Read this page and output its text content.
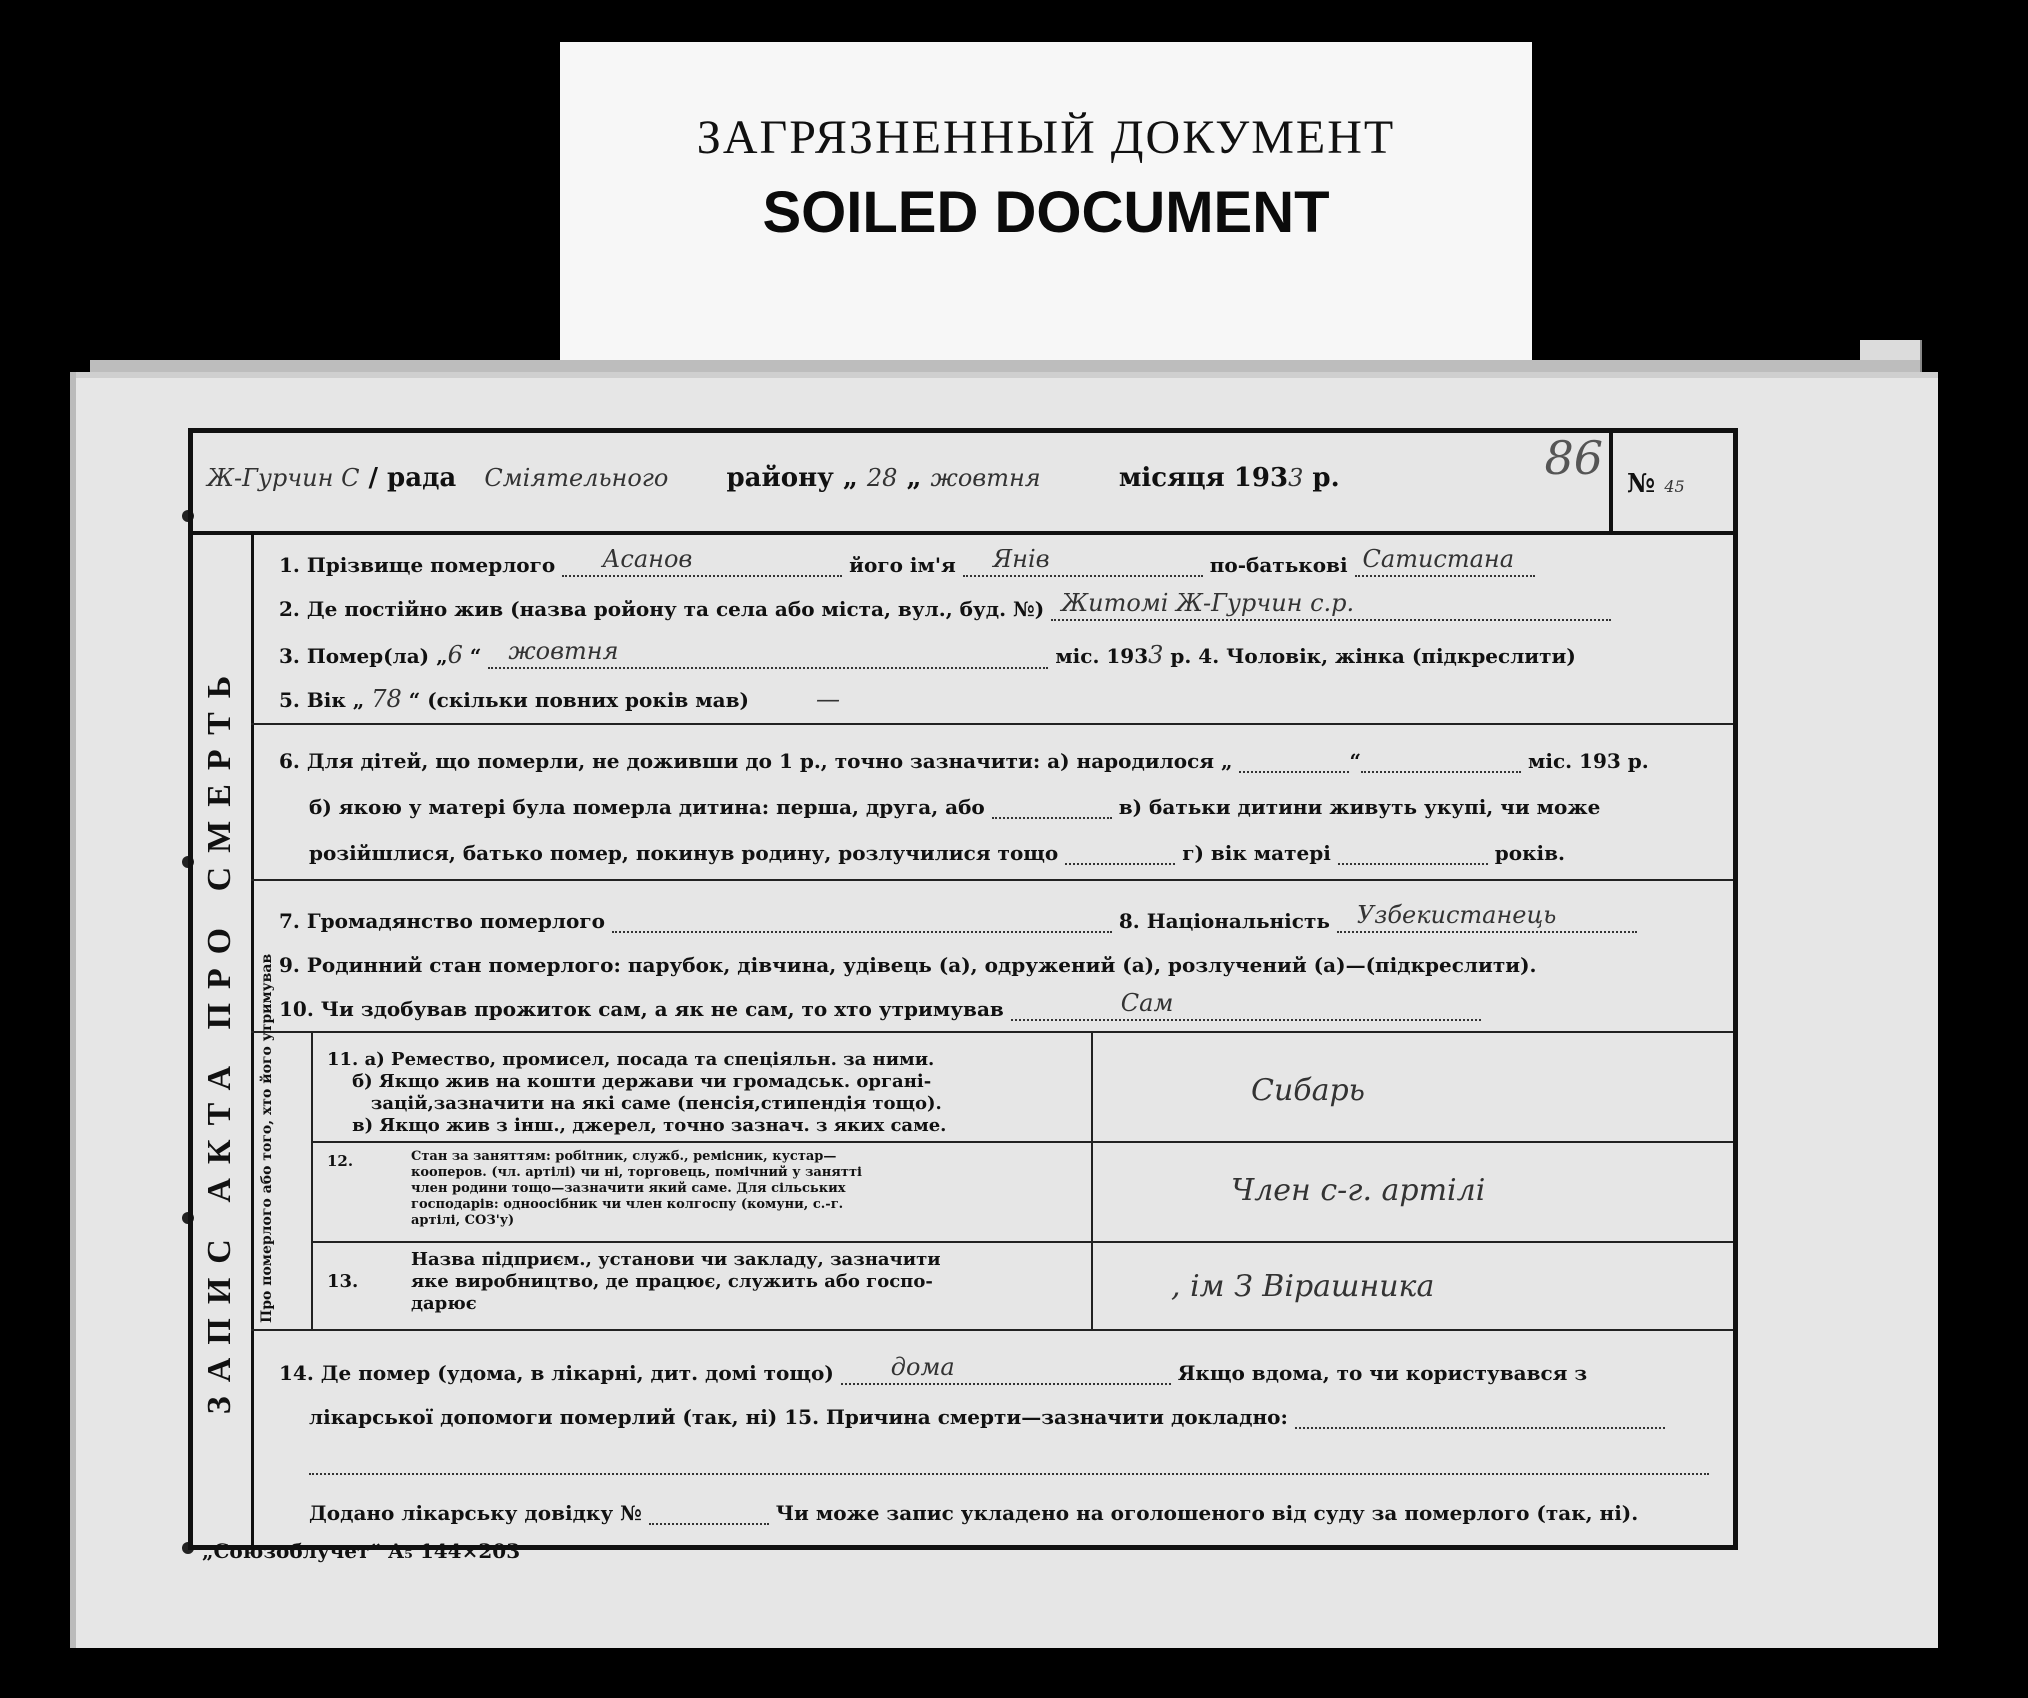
ЗАГРЯЗНЕННЫЙ ДОКУМЕНТ
SOILED DOCUMENT
Ж-Гурчин С / рада Сміятельного району „ 28 „ жовтня	місяця 1933 р.	№ 45
86
ЗАПИС АКТА ПРО СМЕРТЬ
1. Прізвище померлого Асанов	його ім'я Янів	по-батькові Сатистана
2. Де постійно жив (назва ройону та села або міста, вул., буд. №) Житомі Ж-Гурчин с.р.
3. Помер(ла) „6 “ жовтня	міс. 1933 р. 4. Чоловік, жінка (підкреслити)
5. Вік „ 78 “ (скільки повних років мав)	—
6. Для дітей, що померли, не доживши до 1 р., точно зазначити: а) народилося „	“	міс. 193 р.
б) якою у матері була померла дитина: перша, друга, або	в) батьки дитини живуть укупі, чи може
розійшлися, батько помер, покинув родину, розлучилися тощо	г) вік матері	років.
7. Громадянство померлого	8. Національність Узбекистанець
9. Родинний стан померлого: парубок, дівчина, удівець (а), одружений (а), розлучений (а)—(підкреслити).
10. Чи здобував прожиток сам, а як не сам, то хто утримував	Сам
Про померлого або того, хто його утримував	11. а) Ремество, промисел, посада та спеціяльн. за ними.
б) Якщо жив на кошти держави чи громадськ. органі-
зацій,зазначити на які саме (пенсія,стипендія тощо).
в) Якщо жив з інш., джерел, точно зазнач. з яких саме.
Сибарь
12.	Стан за заняттям: робітник, служб., ремісник, кустар—
кооперов. (чл. артілі) чи ні, торговець, помічний у занятті
член родини тощо—зазначити який саме. Для сільських
господарів: одноосібник чи член колгоспу (комуни, с.-г.
артілі, СОЗ'у)
Член с-г. артілі
13.
Назва підприєм., установи чи закладу, зазначити
яке виробництво, де працює, служить або госпо-
дарює	, ім З Вірашника
14. Де помер (удома, в лікарні, дит. домі тощо) дома	Якщо вдома, то чи користувався з
лікарської допомоги померлий (так, ні) 15. Причина смерти—зазначити докладно:
Додано лікарську довідку №	Чи може запис укладено на оголошеного від суду за померлого (так, ні).
„Союзоблучет“ А₅ 144×203
